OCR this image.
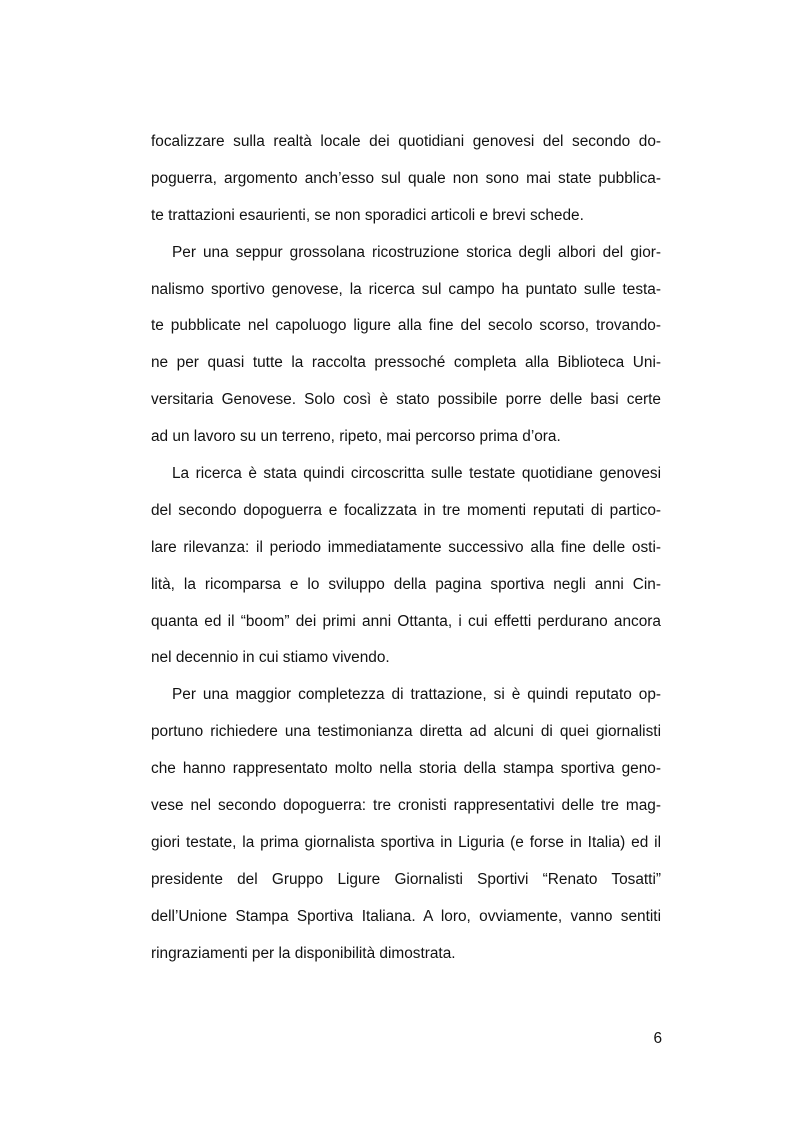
focalizzare sulla realtà locale dei quotidiani genovesi del secondo do-
poguerra, argomento anch’esso sul quale non sono mai state pubblica-
te trattazioni esaurienti, se non sporadici articoli e brevi schede.
Per una seppur grossolana ricostruzione storica degli albori del gior-
nalismo sportivo genovese, la ricerca sul campo ha puntato sulle testa-
te pubblicate nel capoluogo ligure alla fine del secolo scorso, trovando-
ne per quasi tutte la raccolta pressoché completa alla Biblioteca Uni-
versitaria Genovese. Solo così è stato possibile porre delle basi certe
ad un lavoro su un terreno, ripeto, mai percorso prima d’ora.
La ricerca è stata quindi circoscritta sulle testate quotidiane genovesi
del secondo dopoguerra e focalizzata in tre momenti reputati di partico-
lare rilevanza: il periodo immediatamente successivo alla fine delle osti-
lità, la ricomparsa e lo sviluppo della pagina sportiva negli anni Cin-
quanta ed il “boom” dei primi anni Ottanta, i cui effetti perdurano ancora
nel decennio in cui stiamo vivendo.
Per una maggior completezza di trattazione, si è quindi reputato op-
portuno richiedere una testimonianza diretta ad alcuni di quei giornalisti
che hanno rappresentato molto nella storia della stampa sportiva geno-
vese nel secondo dopoguerra: tre cronisti rappresentativi delle tre mag-
giori testate, la prima giornalista sportiva in Liguria (e forse in Italia) ed il
presidente del Gruppo Ligure Giornalisti Sportivi “Renato Tosatti”
dell’Unione Stampa Sportiva Italiana. A loro, ovviamente, vanno sentiti
ringraziamenti per la disponibilità dimostrata.
6
